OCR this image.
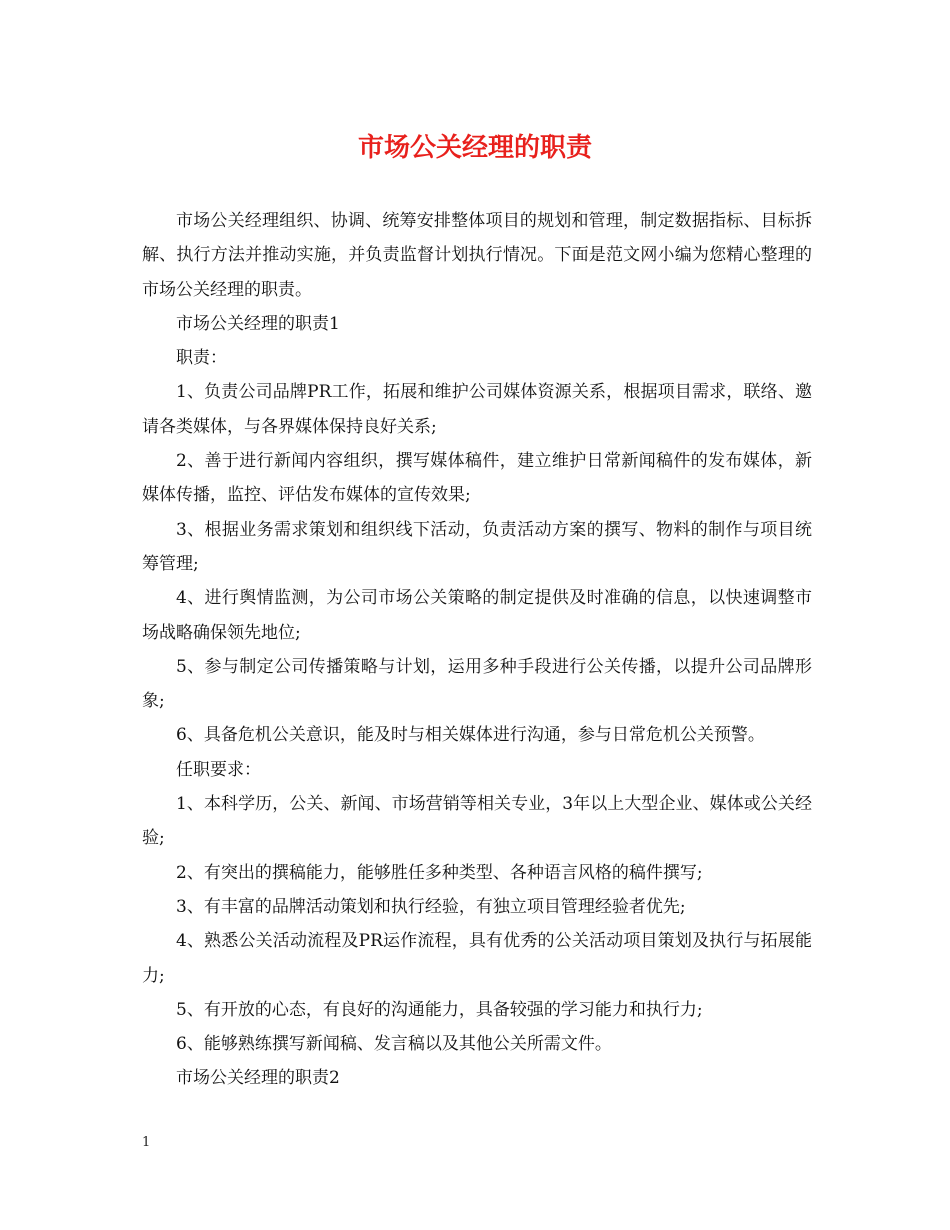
市场公关经理的职责

市场公关经理组织、协调、统筹安排整体项目的规划和管理，制定数据指标、目标拆解、执行方法并推动实施，并负责监督计划执行情况。下面是范文网小编为您精心整理的市场公关经理的职责。

市场公关经理的职责1

职责：

1、负责公司品牌PR工作，拓展和维护公司媒体资源关系，根据项目需求，联络、邀请各类媒体，与各界媒体保持良好关系;

2、善于进行新闻内容组织，撰写媒体稿件，建立维护日常新闻稿件的发布媒体，新媒体传播，监控、评估发布媒体的宣传效果;

3、根据业务需求策划和组织线下活动，负责活动方案的撰写、物料的制作与项目统筹管理;

4、进行舆情监测，为公司市场公关策略的制定提供及时准确的信息，以快速调整市场战略确保领先地位;

5、参与制定公司传播策略与计划，运用多种手段进行公关传播，以提升公司品牌形象;

6、具备危机公关意识，能及时与相关媒体进行沟通，参与日常危机公关预警。

任职要求：

1、本科学历，公关、新闻、市场营销等相关专业，3年以上大型企业、媒体或公关经验;

2、有突出的撰稿能力，能够胜任多种类型、各种语言风格的稿件撰写;

3、有丰富的品牌活动策划和执行经验，有独立项目管理经验者优先;

4、熟悉公关活动流程及PR运作流程，具有优秀的公关活动项目策划及执行与拓展能力;

5、有开放的心态，有良好的沟通能力，具备较强的学习能力和执行力;

6、能够熟练撰写新闻稿、发言稿以及其他公关所需文件。

市场公关经理的职责2

1
